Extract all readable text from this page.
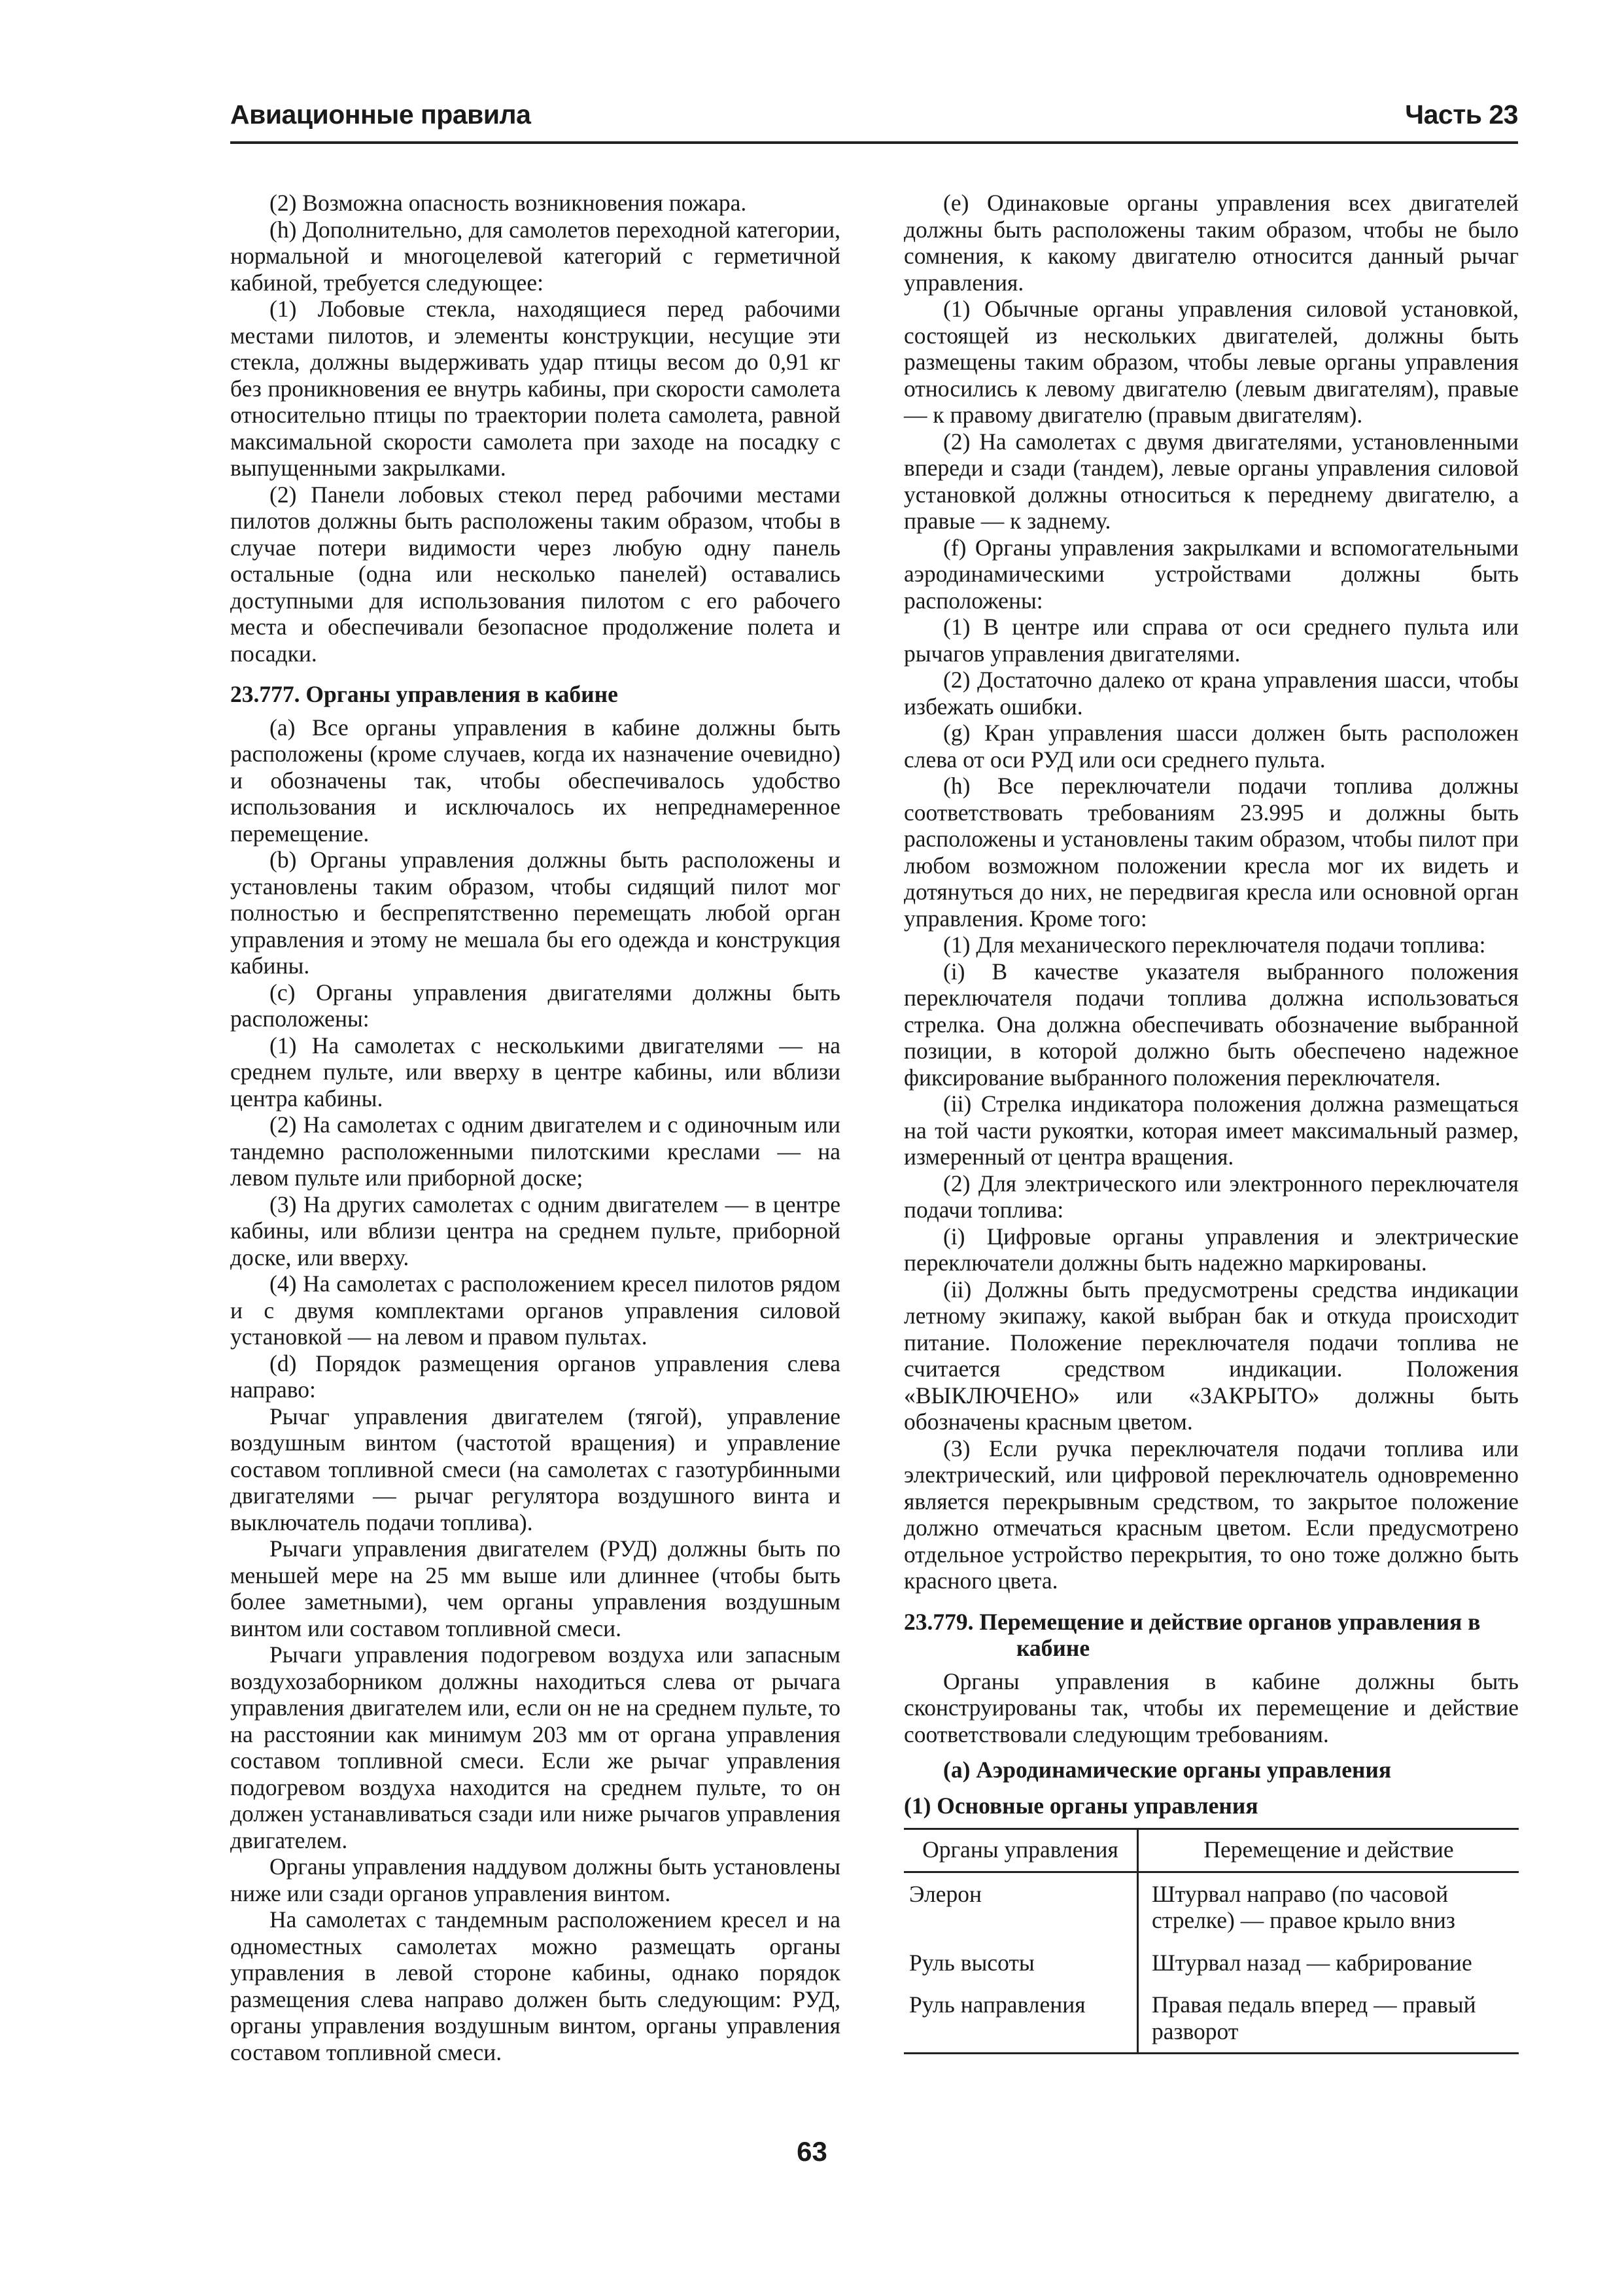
Авиационные правила	Часть 23

(2) Возможна опасность возникновения пожара.

(h) Дополнительно, для самолетов переходной категории, нормальной и многоцелевой категорий с герметичной кабиной, требуется следующее:

(1) Лобовые стекла, находящиеся перед рабочими местами пилотов, и элементы конструкции, несущие эти стекла, должны выдерживать удар птицы весом до 0,91 кг без проникновения ее внутрь кабины, при скорости самолета относительно птицы по траектории полета самолета, равной максимальной скорости самолета при заходе на посадку с выпущенными закрылками.

(2) Панели лобовых стекол перед рабочими местами пилотов должны быть расположены таким образом, чтобы в случае потери видимости через любую одну панель остальные (одна или несколько панелей) оставались доступными для использования пилотом с его рабочего места и обеспечивали безопасное продолжение полета и посадки.

23.777. Органы управления в кабине

(a) Все органы управления в кабине должны быть расположены (кроме случаев, когда их назначение очевидно) и обозначены так, чтобы обеспечивалось удобство использования и исключалось их непреднамеренное перемещение.

(b) Органы управления должны быть расположены и установлены таким образом, чтобы сидящий пилот мог полностью и беспрепятственно перемещать любой орган управления и этому не мешала бы его одежда и конструкция кабины.

(c) Органы управления двигателями должны быть расположены:

(1) На самолетах с несколькими двигателями — на среднем пульте, или вверху в центре кабины, или вблизи центра кабины.

(2) На самолетах с одним двигателем и с одиночным или тандемно расположенными пилотскими креслами — на левом пульте или приборной доске;

(3) На других самолетах с одним двигателем — в центре кабины, или вблизи центра на среднем пульте, приборной доске, или вверху.

(4) На самолетах с расположением кресел пилотов рядом и с двумя комплектами органов управления силовой установкой — на левом и правом пультах.

(d) Порядок размещения органов управления слева направо:

Рычаг управления двигателем (тягой), управление воздушным винтом (частотой вращения) и управление составом топливной смеси (на самолетах с газотурбинными двигателями — рычаг регулятора воздушного винта и выключатель подачи топлива).

Рычаги управления двигателем (РУД) должны быть по меньшей мере на 25 мм выше или длиннее (чтобы быть более заметными), чем органы управления воздушным винтом или составом топливной смеси.

Рычаги управления подогревом воздуха или запасным воздухозаборником должны находиться слева от рычага управления двигателем или, если он не на среднем пульте, то на расстоянии как минимум 203 мм от органа управления составом топливной смеси. Если же рычаг управления подогревом воздуха находится на среднем пульте, то он должен устанавливаться сзади или ниже рычагов управления двигателем.

Органы управления наддувом должны быть установлены ниже или сзади органов управления винтом.

На самолетах с тандемным расположением кресел и на одноместных самолетах можно размещать органы управления в левой стороне кабины, однако порядок размещения слева направо должен быть следующим: РУД, органы управления воздушным винтом, органы управления составом топливной смеси.

(e) Одинаковые органы управления всех двигателей должны быть расположены таким образом, чтобы не было сомнения, к какому двигателю относится данный рычаг управления.

(1) Обычные органы управления силовой установкой, состоящей из нескольких двигателей, должны быть размещены таким образом, чтобы левые органы управления относились к левому двигателю (левым двигателям), правые — к правому двигателю (правым двигателям).

(2) На самолетах с двумя двигателями, установленными впереди и сзади (тандем), левые органы управления силовой установкой должны относиться к переднему двигателю, а правые — к заднему.

(f) Органы управления закрылками и вспомогательными аэродинамическими устройствами должны быть расположены:

(1) В центре или справа от оси среднего пульта или рычагов управления двигателями.

(2) Достаточно далеко от крана управления шасси, чтобы избежать ошибки.

(g) Кран управления шасси должен быть расположен слева от оси РУД или оси среднего пульта.

(h) Все переключатели подачи топлива должны соответствовать требованиям 23.995 и должны быть расположены и установлены таким образом, чтобы пилот при любом возможном положении кресла мог их видеть и дотянуться до них, не передвигая кресла или основной орган управления. Кроме того:

(1) Для механического переключателя подачи топлива:

(i) В качестве указателя выбранного положения переключателя подачи топлива должна использоваться стрелка. Она должна обеспечивать обозначение выбранной позиции, в которой должно быть обеспечено надежное фиксирование выбранного положения переключателя.

(ii) Стрелка индикатора положения должна размещаться на той части рукоятки, которая имеет максимальный размер, измеренный от центра вращения.

(2) Для электрического или электронного переключателя подачи топлива:

(i) Цифровые органы управления и электрические переключатели должны быть надежно маркированы.

(ii) Должны быть предусмотрены средства индикации летному экипажу, какой выбран бак и откуда происходит питание. Положение переключателя подачи топлива не считается средством индикации. Положения «ВЫКЛЮЧЕНО» или «ЗАКРЫТО» должны быть обозначены красным цветом.

(3) Если ручка переключателя подачи топлива или электрический, или цифровой переключатель одновременно является перекрывным средством, то закрытое положение должно отмечаться красным цветом. Если предусмотрено отдельное устройство перекрытия, то оно тоже должно быть красного цвета.

23.779. Перемещение и действие органов управления в кабине

Органы управления в кабине должны быть сконструированы так, чтобы их перемещение и действие соответствовали следующим требованиям.

(a) Аэродинамические органы управления

(1) Основные органы управления

Органы управления	Перемещение и действие
Элерон	Штурвал направо (по часовой стрелке) — правое крыло вниз
Руль высоты	Штурвал назад — кабрирование
Руль направления	Правая педаль вперед — правый разворот
63
